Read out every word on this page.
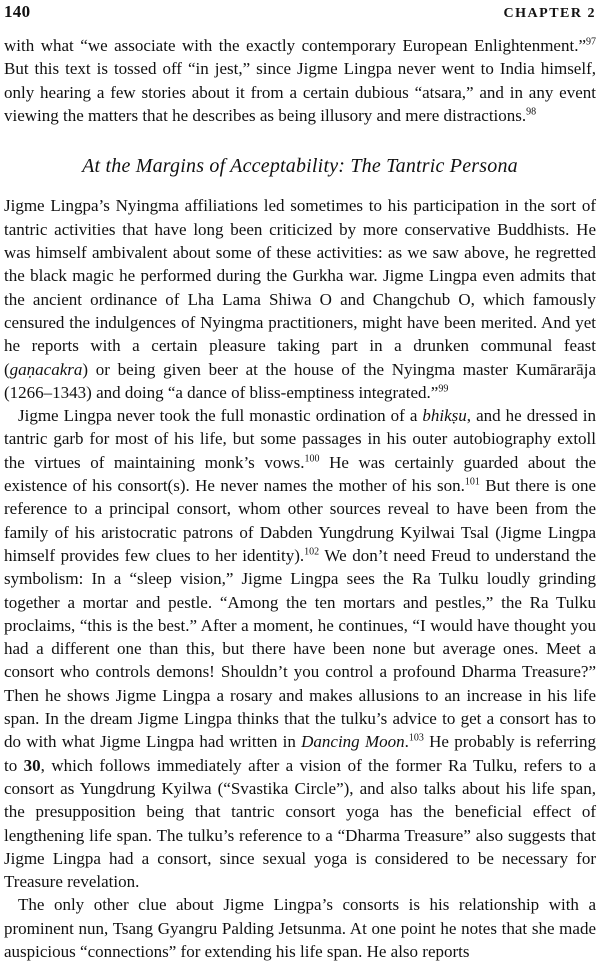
140	CHAPTER 2

with what “we associate with the exactly contemporary European Enlightenment.”$^{97}$ But this text is tossed off “in jest,” since Jigme Lingpa never went to India himself, only hearing a few stories about it from a certain dubious “atsara,” and in any event viewing the matters that he describes as being illusory and mere distractions.$^{98}$

At the Margins of Acceptability: The Tantric Persona

Jigme Lingpa’s Nyingma affiliations led sometimes to his participation in the sort of tantric activities that have long been criticized by more conservative Buddhists. He was himself ambivalent about some of these activities: as we saw above, he regretted the black magic he performed during the Gurkha war. Jigme Lingpa even admits that the ancient ordinance of Lha Lama Shiwa O and Changchub O, which famously censured the indulgences of Nyingma practitioners, might have been merited. And yet he reports with a certain pleasure taking part in a drunken communal feast (gaṇacakra) or being given beer at the house of the Nyingma master Kumārarāja (1266–1343) and doing “a dance of bliss-emptiness integrated.”$^{99}$

Jigme Lingpa never took the full monastic ordination of a bhikṣu, and he dressed in tantric garb for most of his life, but some passages in his outer autobiography extoll the virtues of maintaining monk’s vows.$^{100}$ He was certainly guarded about the existence of his consort(s). He never names the mother of his son.$^{101}$ But there is one reference to a principal consort, whom other sources reveal to have been from the family of his aristocratic patrons of Dabden Yungdrung Kyilwai Tsal (Jigme Lingpa himself provides few clues to her identity).$^{102}$ We don’t need Freud to understand the symbolism: In a “sleep vision,” Jigme Lingpa sees the Ra Tulku loudly grinding together a mortar and pestle. “Among the ten mortars and pestles,” the Ra Tulku proclaims, “this is the best.” After a moment, he continues, “I would have thought you had a different one than this, but there have been none but average ones. Meet a consort who controls demons! Shouldn’t you control a profound Dharma Treasure?” Then he shows Jigme Lingpa a rosary and makes allusions to an increase in his life span. In the dream Jigme Lingpa thinks that the tulku’s advice to get a consort has to do with what Jigme Lingpa had written in Dancing Moon.$^{103}$ He probably is referring to 30, which follows immediately after a vision of the former Ra Tulku, refers to a consort as Yungdrung Kyilwa (“Svastika Circle”), and also talks about his life span, the presupposition being that tantric consort yoga has the beneficial effect of lengthening life span. The tulku’s reference to a “Dharma Treasure” also suggests that Jigme Lingpa had a consort, since sexual yoga is considered to be necessary for Treasure revelation.

The only other clue about Jigme Lingpa’s consorts is his relationship with a prominent nun, Tsang Gyangru Palding Jetsunma. At one point he notes that she made auspicious “connections” for extending his life span. He also reports
